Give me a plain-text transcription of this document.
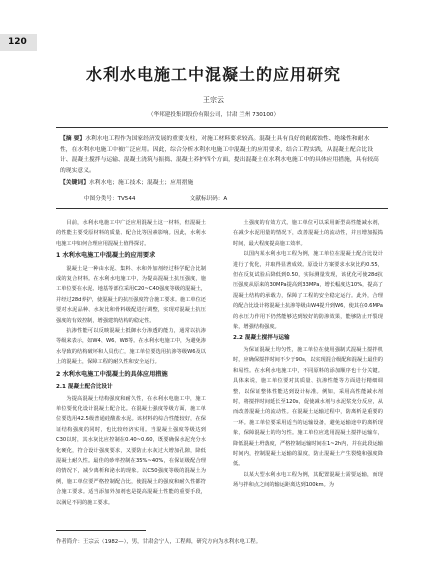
120
水利水电施工中混凝土的应用研究
王宗云
（华邦建投集团股份有限公司，甘肃 兰州 730100）

【摘 要】水利水电工程作为国家经济发展的重要支柱，对施工材料要求较高。混凝土具有良好的耐腐蚀性、绝缘性和耐水性，在水利水电施工中被广泛应用。因此，综合分析水利水电施工中混凝土的应用要求，结合工程实践，从混凝土配合比设计、混凝土搅拌与运输、混凝土浇筑与振捣、混凝土养护四个方面，提出混凝土在水利水电施工中的具体应用措施，具有较高的现实意义。

【关键词】水利水电；施工技术；混凝土；应用措施

中图分类号：TV544	文献标识码：A

目前，水利水电施工中广泛应用混凝土这一材料，但混凝土的性能主要受原材料的质量、配合比等因素影响。因此，水利水电施工中如何合理应用混凝土值得探讨。

1 水利水电施工中混凝土的应用要求

混凝土是一种由水泥、集料、水和外加剂经过科学配合比制成的复合材料。在水利水电施工中，为提高混凝土抗压强度，施工单位要在水泥、地基等部位采用C20~C40强度等级的混凝土，并经过28d养护，使混凝土的抗压强度符合施工要求。施工单位还要对水泥品种、水灰比和骨料级配进行调整，实现对混凝土抗压强度的有效控制，增强建筑结构的稳定性。

抗渗性能可以反映混凝土抵御水分渗透的能力，通常以抗渗等级来表示，如W4、W6、W8等。在水利水电施工中，为避免渗水导致的结构破坏和人员伤亡，施工单位要选用抗渗等级W6及以上的混凝土，保障工程的耐久性和安全运行。

2 水利水电施工中混凝土的具体应用措施

2.1 混凝土配合比设计

为提高混凝土结构强度和耐久性，在水利水电施工中，施工单位要优化设计混凝土配合比。在混凝土强度等级方面，施工单位要选用42.5级普通硅酸盐水泥。该材料的综合性能较好，在保证结构强度的同时，也比较经济实用。当混凝土强度等级达到C30以时，其水灰比应控制在0.40~0.60，既要确保水泥充分水化硬化，符合设计强度要求，又要防止水灰过大增加孔隙，降低混凝土耐久性。最佳的砂率控制在35%~40%，在保证级配合理的情况下，减少离析和泌水的现象。以C50强度等级的混凝土为例，施工单位要严格控制配合比，使混凝土的强度和耐久性都符合施工要求。适当添加外加剂也是提高混凝土性能的重要手段，以满足不同的施工要求。

土强度的有效方式。施工单位可以采用新型高性能减水剂，在减少水泥用量的情况下，改善混凝土的流动性，并且增加振捣时间，最大程度提高施工效率。

以国内某水利水电工程为例，施工单位在混凝土配合比设计进行了优化，并取得显著成效。原设计方案要求水灰比约0.55，但在反复试验后降低到0.50，实际测量发现，该优化可使28d抗压强度从原来的30MPa提高到33MPa，增长幅度达10%，提高了混凝土结构的承载力，保障了工程的安全稳定运行。此外，合理的配合比设计将混凝土抗渗等级由W4提升到W6，使其在0.6MPa的水压力作用下仍然能够达到较好的防渗效果，能够防止开裂现象，增强结构强度。

2.2 混凝土搅拌与运输

为保证混凝土均匀性，施工单位在使用强制式混凝土搅拌机时，应确保搅拌时间不少于90s，以实现混合级配和混凝土最佳的和易性。在水利水电施工中，不同原料的添加顺序也十分关键。具体来说，施工单位要对其质量、抗渗性能等方面进行精细调整，以保证整体性能达到设计标准。例如，采用高性能减水剂时，将搅拌时间延长至120s，促使减水剂与水泥浆充分反应，从而改善混凝土的流动性。在混凝土运输过程中，防离析是重要的一环。施工单位要采用适当的运输设备，避免运输途中的离析现象，保障混凝土的均匀性。施工单位应选用混凝土搅拌运输车，降低混凝土坍落度，严格控制运输时间在1~2h内，并在此段运输时间内，控制混凝土运输的温度，防止混凝土产生裂缝和强度降低。

以某大型水利水电工程为例，其配置混凝土需要运输，而现场与拌和点之间的输运距离达到100km。为

作者简介：王宗云（1982—），男，甘肃会宁人，工程师，研究方向为水利水电工程。
